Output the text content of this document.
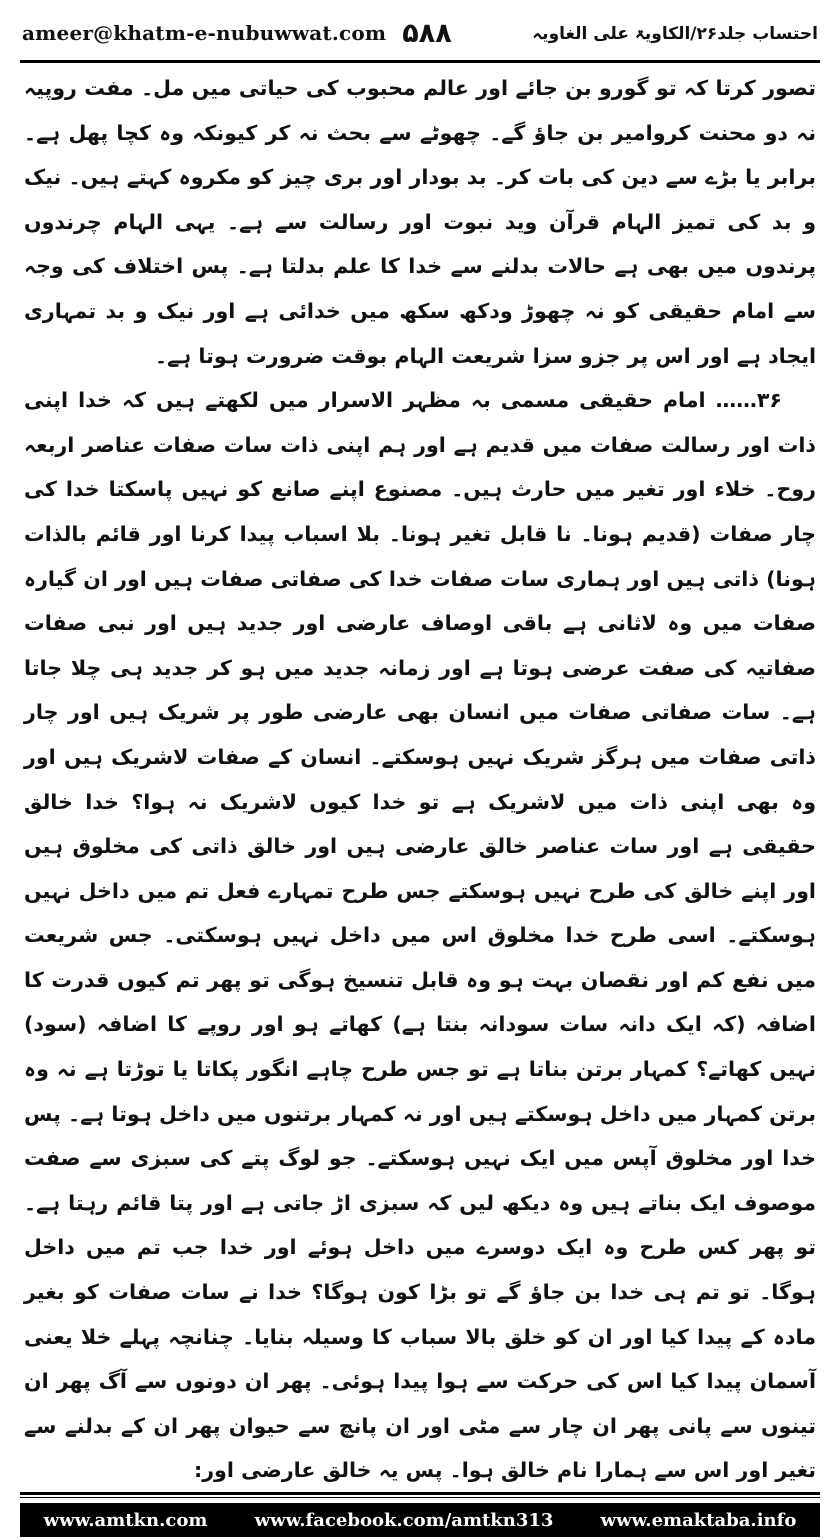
ameer@khatm-e-nubuwwat.com ۵۸۸	احتساب جلد۲۶/الکاویۃ علی الغاویہ

تصور کرتا کہ تو گورو بن جائے اور عالم محبوب کی حیاتی میں مل۔ مفت روپیہ نہ دو محنت کروامیر بن جاؤ گے۔ چھوٹے سے بحث نہ کر کیونکہ وہ کچا پھل ہے۔ برابر یا بڑے سے دین کی بات کر۔ بد بودار اور بری چیز کو مکروہ کہتے ہیں۔ نیک و بد کی تمیز الہام قرآن وید نبوت اور رسالت سے ہے۔ یہی الہام چرندوں پرندوں میں بھی ہے حالات بدلنے سے خدا کا علم بدلتا ہے۔ پس اختلاف کی وجہ سے امام حقیقی کو نہ چھوڑ ودکھ سکھ میں خدائی ہے اور نیک و بد تمہاری ایجاد ہے اور اس پر جزو سزا شریعت الہام بوقت ضرورت ہوتا ہے۔

۳۶…… امام حقیقی مسمی بہ مظہر الاسرار میں لکھتے ہیں کہ خدا اپنی ذات اور رسالت صفات میں قدیم ہے اور ہم اپنی ذات سات صفات عناصر اربعہ روح۔ خلاء اور تغیر میں حارث ہیں۔ مصنوع اپنے صانع کو نہیں پاسکتا خدا کی چار صفات (قدیم ہونا۔ نا قابل تغیر ہونا۔ بلا اسباب پیدا کرنا اور قائم بالذات ہونا) ذاتی ہیں اور ہماری سات صفات خدا کی صفاتی صفات ہیں اور ان گیارہ صفات میں وہ لاثانی ہے باقی اوصاف عارضی اور جدید ہیں اور نبی صفات صفاتیہ کی صفت عرضی ہوتا ہے اور زمانہ جدید میں ہو کر جدید ہی چلا جاتا ہے۔ سات صفاتی صفات میں انسان بھی عارضی طور پر شریک ہیں اور چار ذاتی صفات میں ہرگز شریک نہیں ہوسکتے۔ انسان کے صفات لاشریک ہیں اور وہ بھی اپنی ذات میں لاشریک ہے تو خدا کیوں لاشریک نہ ہوا؟ خدا خالق حقیقی ہے اور سات عناصر خالق عارضی ہیں اور خالق ذاتی کی مخلوق ہیں اور اپنے خالق کی طرح نہیں ہوسکتے جس طرح تمہارے فعل تم میں داخل نہیں ہوسکتے۔ اسی طرح خدا مخلوق اس میں داخل نہیں ہوسکتی۔ جس شریعت میں نفع کم اور نقصان بہت ہو وہ قابل تنسیخ ہوگی تو پھر تم کیوں قدرت کا اضافہ (کہ ایک دانہ سات سودانہ بنتا ہے) کھاتے ہو اور روپے کا اضافہ (سود) نہیں کھاتے؟ کمہار برتن بناتا ہے تو جس طرح چاہے انگور پکاتا یا توڑتا ہے نہ وہ برتن کمہار میں داخل ہوسکتے ہیں اور نہ کمہار برتنوں میں داخل ہوتا ہے۔ پس خدا اور مخلوق آپس میں ایک نہیں ہوسکتے۔ جو لوگ پتے کی سبزی سے صفت موصوف ایک بناتے ہیں وہ دیکھ لیں کہ سبزی اڑ جاتی ہے اور پتا قائم رہتا ہے۔ تو پھر کس طرح وہ ایک دوسرے میں داخل ہوئے اور خدا جب تم میں داخل ہوگا۔ تو تم ہی خدا بن جاؤ گے تو بڑا کون ہوگا؟ خدا نے سات صفات کو بغیر مادہ کے پیدا کیا اور ان کو خلق بالا سباب کا وسیلہ بنایا۔ چنانچہ پہلے خلا یعنی آسمان پیدا کیا اس کی حرکت سے ہوا پیدا ہوئی۔ پھر ان دونوں سے آگ پھر ان تینوں سے پانی پھر ان چار سے مٹی اور ان پانچ سے حیوان پھر ان کے بدلنے سے تغیر اور اس سے ہمارا نام خالق ہوا۔ پس یہ خالق عارضی اور:

www.amtkn.com	www.facebook.com/amtkn313	www.emaktaba.info
